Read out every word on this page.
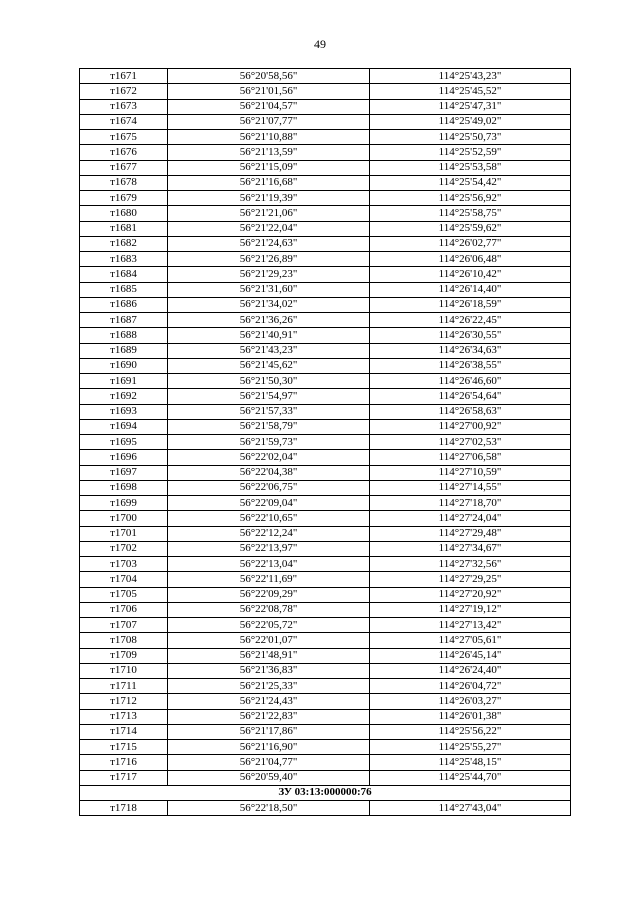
49
т1671	56°20'58,56"	114°25'43,23"
т1672	56°21'01,56"	114°25'45,52"
т1673	56°21'04,57"	114°25'47,31"
т1674	56°21'07,77"	114°25'49,02"
т1675	56°21'10,88"	114°25'50,73"
т1676	56°21'13,59"	114°25'52,59"
т1677	56°21'15,09"	114°25'53,58"
т1678	56°21'16,68"	114°25'54,42"
т1679	56°21'19,39"	114°25'56,92"
т1680	56°21'21,06"	114°25'58,75"
т1681	56°21'22,04"	114°25'59,62"
т1682	56°21'24,63"	114°26'02,77"
т1683	56°21'26,89"	114°26'06,48"
т1684	56°21'29,23"	114°26'10,42"
т1685	56°21'31,60"	114°26'14,40"
т1686	56°21'34,02"	114°26'18,59"
т1687	56°21'36,26"	114°26'22,45"
т1688	56°21'40,91"	114°26'30,55"
т1689	56°21'43,23"	114°26'34,63"
т1690	56°21'45,62"	114°26'38,55"
т1691	56°21'50,30"	114°26'46,60"
т1692	56°21'54,97"	114°26'54,64"
т1693	56°21'57,33"	114°26'58,63"
т1694	56°21'58,79"	114°27'00,92"
т1695	56°21'59,73"	114°27'02,53"
т1696	56°22'02,04"	114°27'06,58"
т1697	56°22'04,38"	114°27'10,59"
т1698	56°22'06,75"	114°27'14,55"
т1699	56°22'09,04"	114°27'18,70"
т1700	56°22'10,65"	114°27'24,04"
т1701	56°22'12,24"	114°27'29,48"
т1702	56°22'13,97"	114°27'34,67"
т1703	56°22'13,04"	114°27'32,56"
т1704	56°22'11,69"	114°27'29,25"
т1705	56°22'09,29"	114°27'20,92"
т1706	56°22'08,78"	114°27'19,12"
т1707	56°22'05,72"	114°27'13,42"
т1708	56°22'01,07"	114°27'05,61"
т1709	56°21'48,91"	114°26'45,14"
т1710	56°21'36,83"	114°26'24,40"
т1711	56°21'25,33"	114°26'04,72"
т1712	56°21'24,43"	114°26'03,27"
т1713	56°21'22,83"	114°26'01,38"
т1714	56°21'17,86"	114°25'56,22"
т1715	56°21'16,90"	114°25'55,27"
т1716	56°21'04,77"	114°25'48,15"
т1717	56°20'59,40"	114°25'44,70"
ЗУ 03:13:000000:76		
т1718	56°22'18,50"	114°27'43,04"
